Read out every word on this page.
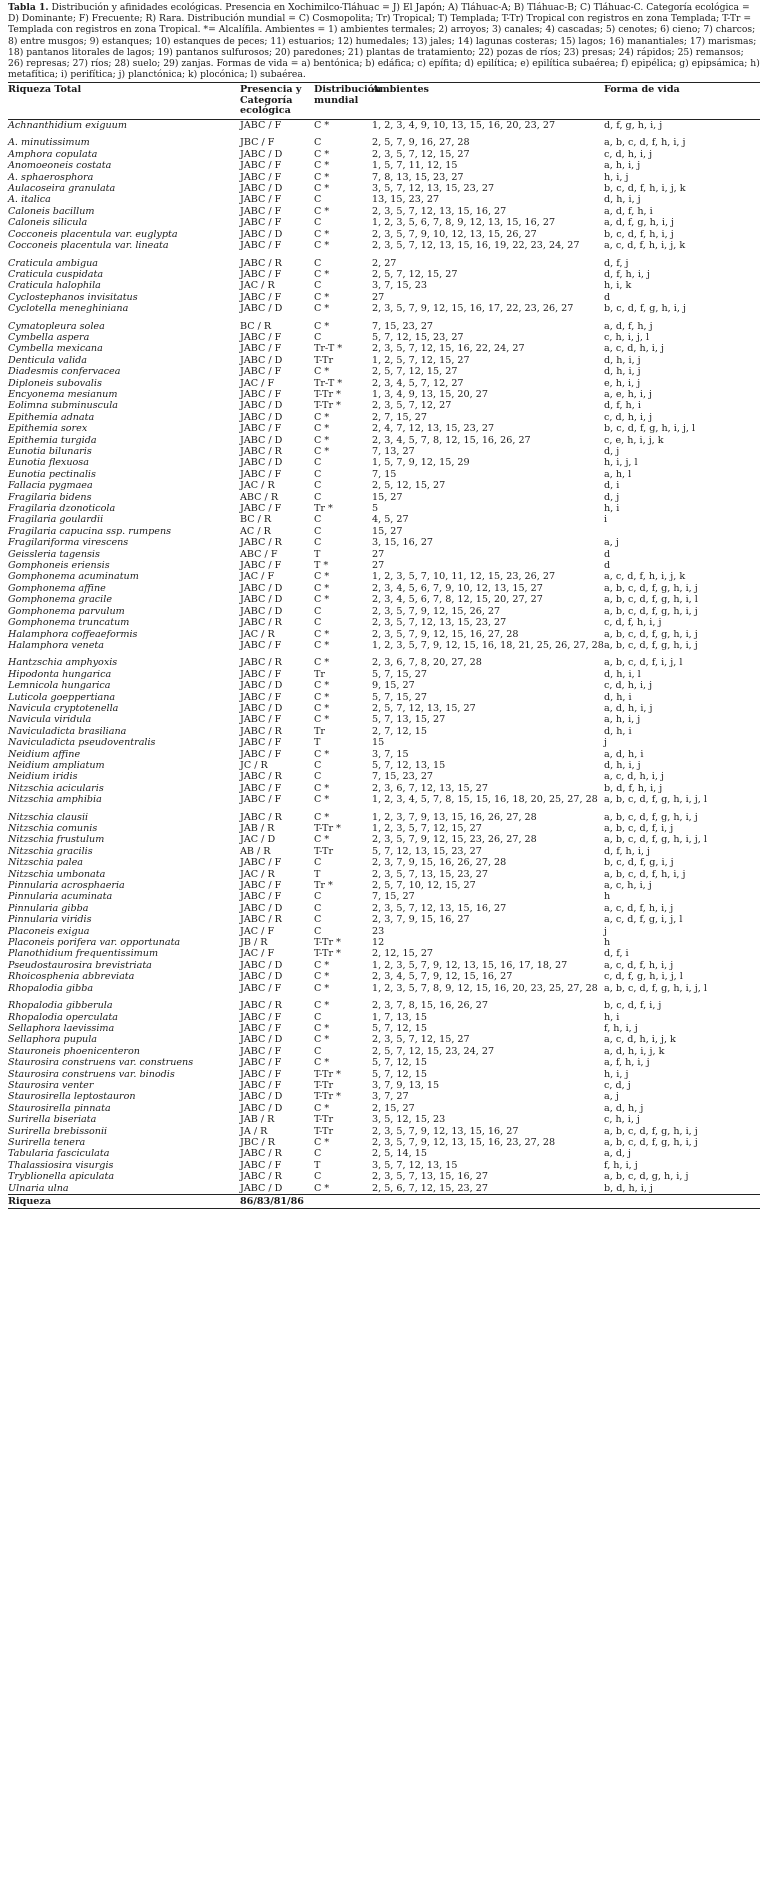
Tabla 1. Distribución y afinidades ecológicas. Presencia en Xochimilco-Tláhuac = J) El Japón; A) Tláhuac-A; B) Tláhuac-B; C) Tláhuac-C. Categoría ecológica = D) Dominante; F) Frecuente; R) Rara. Distribución mundial = C) Cosmopolita; Tr) Tropical; T) Templada; T-Tr) Tropical con registros en zona Templada; T-Tr = Templada con registros en zona Tropical. *= Alcalífila. Ambientes = 1) ambientes termales; 2) arroyos; 3) canales; 4) cascadas; 5) cenotes; 6) cieno; 7) charcos; 8) entre musgos; 9) estanques; 10) estanques de peces; 11) estuarios; 12) humedales; 13) jales; 14) lagunas costeras; 15) lagos; 16) manantiales; 17) marismas; 18) pantanos litorales de lagos; 19) pantanos sulfurosos; 20) paredones; 21) plantas de tratamiento; 22) pozas de ríos; 23) presas; 24) rápidos; 25) remansos; 26) represas; 27) ríos; 28) suelo; 29) zanjas. Formas de vida = a) bentónica; b) edáfica; c) epífita; d) epilítica; e) epilítica subaérea; f) epipélica; g) epipsámica; h) metafítica; i) perifítica; j) planctónica; k) plocónica; l) subaérea.

Riqueza Total	Presencia y Categoría ecológica	Distribución mundial	Ambientes	Forma de vida
Achnanthidium exiguum	JABC / F	C *	1, 2, 3, 4, 9, 10, 13, 15, 16, 20, 23, 27	d, f, g, h, i, j

A. minutissimum	JBC / F	C	2, 5, 7, 9, 16, 27, 28	a, b, c, d, f, h, i, j
Amphora copulata	JABC / D	C *	2, 3, 5, 7, 12, 15, 27	c, d, h, i, j
Anomoeoneis costata	JABC / F	C *	1, 5, 7, 11, 12, 15	a, h, i, j
A. sphaerosphora	JABC / F	C *	7, 8, 13, 15, 23, 27	h, i, j
Aulacoseira granulata	JABC / D	C *	3, 5, 7, 12, 13, 15, 23, 27	b, c, d, f, h, i, j, k
A. italica	JABC / F	C	13, 15, 23, 27	d, h, i, j
Caloneis bacillum	JABC / F	C *	2, 3, 5, 7, 12, 13, 15, 16, 27	a, d, f, h, i
Caloneis silicula	JABC / F	C	1, 2, 3, 5, 6, 7, 8, 9, 12, 13, 15, 16, 27	a, d, f, g, h, i, j
Cocconeis placentula var. euglypta	JABC / D	C *	2, 3, 5, 7, 9, 10, 12, 13, 15, 26, 27	b, c, d, f, h, i, j
Cocconeis placentula var. lineata	JABC / F	C *	2, 3, 5, 7, 12, 13, 15, 16, 19, 22, 23, 24, 27	a, c, d, f, h, i, j, k

Craticula ambigua	JABC / R	C	2, 27	d, f, j
Craticula cuspidata	JABC / F	C *	2, 5, 7, 12, 15, 27	d, f, h, i, j
Craticula halophila	JAC / R	C	3, 7, 15, 23	h, i, k
Cyclostephanos invisitatus	JABC / F	C *	27	d
Cyclotella meneghiniana	JABC / D	C *	2, 3, 5, 7, 9, 12, 15, 16, 17, 22, 23, 26, 27	b, c, d, f, g, h, i, j

Cymatopleura solea	BC / R	C *	7, 15, 23, 27	a, d, f, h, j
Cymbella aspera	JABC / F	C	5, 7, 12, 15, 23, 27	c, h, i, j, l
Cymbella mexicana	JABC / F	Tr-T *	2, 3, 5, 7, 12, 15, 16, 22, 24, 27	a, c, d, h, i, j
Denticula valida	JABC / D	T-Tr	1, 2, 5, 7, 12, 15, 27	d, h, i, j
Diadesmis confervacea	JABC / F	C *	2, 5, 7, 12, 15, 27	d, h, i, j
Diploneis subovalis	JAC / F	Tr-T *	2, 3, 4, 5, 7, 12, 27	e, h, i, j
Encyonema mesianum	JABC / F	T-Tr *	1, 3, 4, 9, 13, 15, 20, 27	a, e, h, i, j
Eolimna subminuscula	JABC / D	T-Tr *	2, 3, 5, 7, 12, 27	d, f, h, i
Epithemia adnata	JABC / D	C *	2, 7, 15, 27	c, d, h, i, j
Epithemia sorex	JABC / F	C *	2, 4, 7, 12, 13, 15, 23, 27	b, c, d, f, g, h, i, j, l
Epithemia turgida	JABC / D	C *	2, 3, 4, 5, 7, 8, 12, 15, 16, 26, 27	c, e, h, i, j, k
Eunotia bilunaris	JABC / R	C *	7, 13, 27	d, j
Eunotia flexuosa	JABC / D	C	1, 5, 7, 9, 12, 15, 29	h, i, j, l
Eunotia pectinalis	JABC / F	C	7, 15	a, h, l
Fallacia pygmaea	JAC / R	C	2, 5, 12, 15, 27	d, i
Fragilaria bidens	ABC / R	C	15, 27	d, j
Fragilaria dzonoticola	JABC / F	Tr *	5	h, i
Fragilaria goulardii	BC / R	C	4, 5, 27	i
Fragilaria capucina ssp. rumpens	AC / R	C	15, 27	
Fragilariforma virescens	JABC / R	C	3, 15, 16, 27	a, j
Geissleria tagensis	ABC / F	T	27	d
Gomphoneis eriensis	JABC / F	T *	27	d
Gomphonema acuminatum	JAC / F	C *	1, 2, 3, 5, 7, 10, 11, 12, 15, 23, 26, 27	a, c, d, f, h, i, j, k
Gomphonema affine	JABC / D	C *	2, 3, 4, 5, 6, 7, 9, 10, 12, 13, 15, 27	a, b, c, d, f, g, h, i, j
Gomphonema gracile	JABC / D	C *	2, 3, 4, 5, 6, 7, 8, 12, 15, 20, 27, 27	a, b, c, d, f, g, h, i, l
Gomphonema parvulum	JABC / D	C	2, 3, 5, 7, 9, 12, 15, 26, 27	a, b, c, d, f, g, h, i, j
Gomphonema truncatum	JABC / R	C	2, 3, 5, 7, 12, 13, 15, 23, 27	c, d, f, h, i, j
Halamphora coffeaeformis	JAC / R	C *	2, 3, 5, 7, 9, 12, 15, 16, 27, 28	a, b, c, d, f, g, h, i, j
Halamphora veneta	JABC / F	C *	1, 2, 3, 5, 7, 9, 12, 15, 16, 18, 21, 25, 26, 27, 28	a, b, c, d, f, g, h, i, j

Hantzschia amphyoxis	JABC / R	C *	2, 3, 6, 7, 8, 20, 27, 28	a, b, c, d, f, i, j, l
Hipodonta hungarica	JABC / F	Tr	5, 7, 15, 27	d, h, i, l
Lemnicola hungarica	JABC / D	C *	9, 15, 27	c, d, h, i, j
Luticola goeppertiana	JABC / F	C *	5, 7, 15, 27	d, h, i
Navicula cryptotenella	JABC / D	C *	2, 5, 7, 12, 13, 15, 27	a, d, h, i, j
Navicula viridula	JABC / F	C *	5, 7, 13, 15, 27	a, h, i, j
Naviculadicta brasiliana	JABC / R	Tr	2, 7, 12, 15	d, h, i
Naviculadicta pseudoventralis	JABC / F	T	15	j
Neidium affine	JABC / F	C *	3, 7, 15	a, d, h, i
Neidium ampliatum	JC / R	C	5, 7, 12, 13, 15	d, h, i, j
Neidium iridis	JABC / R	C	7, 15, 23, 27	a, c, d, h, i, j
Nitzschia acicularis	JABC / F	C *	2, 3, 6, 7, 12, 13, 15, 27	b, d, f, h, i, j
Nitzschia amphibia	JABC / F	C *	1, 2, 3, 4, 5, 7, 8, 15, 15, 16, 18, 20, 25, 27, 28	a, b, c, d, f, g, h, i, j, l

Nitzschia clausii	JABC / R	C *	1, 2, 3, 7, 9, 13, 15, 16, 26, 27, 28	a, b, c, d, f, g, h, i, j
Nitzschia comunis	JAB / R	T-Tr *	1, 2, 3, 5, 7, 12, 15, 27	a, b, c, d, f, i, j
Nitzschia frustulum	JAC / D	C *	2, 3, 5, 7, 9, 12, 15, 23, 26, 27, 28	a, b, c, d, f, g, h, i, j, l
Nitzschia gracilis	AB / R	T-Tr	5, 7, 12, 13, 15, 23, 27	d, f, h, i, j
Nitzschia palea	JABC / F	C	2, 3, 7, 9, 15, 16, 26, 27, 28	b, c, d, f, g, i, j
Nitzschia umbonata	JAC / R	T	2, 3, 5, 7, 13, 15, 23, 27	a, b, c, d, f, h, i, j
Pinnularia acrosphaeria	JABC / F	Tr *	2, 5, 7, 10, 12, 15, 27	a, c, h, i, j
Pinnularia acuminata	JABC / F	C	7, 15, 27	h
Pinnularia gibba	JABC / D	C	2, 3, 5, 7, 12, 13, 15, 16, 27	a, c, d, f, h, i, j
Pinnularia viridis	JABC / R	C	2, 3, 7, 9, 15, 16, 27	a, c, d, f, g, i, j, l
Placoneis exigua	JAC / F	C	23	j
Placoneis porifera var. opportunata	JB / R	T-Tr *	12	h
Planothidium frequentissimum	JAC / F	T-Tr *	2, 12, 15, 27	d, f, i
Pseudostaurosira brevistriata	JABC / D	C *	1, 2, 3, 5, 7, 9, 12, 13, 15, 16, 17, 18, 27	a, c, d, f, h, i, j
Rhoicosphenia abbreviata	JABC / D	C *	2, 3, 4, 5, 7, 9, 12, 15, 16, 27	c, d, f, g, h, i, j, l
Rhopalodia gibba	JABC / F	C *	1, 2, 3, 5, 7, 8, 9, 12, 15, 16, 20, 23, 25, 27, 28	a, b, c, d, f, g, h, i, j, l

Rhopalodia gibberula	JABC / R	C *	2, 3, 7, 8, 15, 16, 26, 27	b, c, d, f, i, j
Rhopalodia operculata	JABC / F	C	1, 7, 13, 15	h, i
Sellaphora laevissima	JABC / F	C *	5, 7, 12, 15	f, h, i, j
Sellaphora pupula	JABC / D	C *	2, 3, 5, 7, 12, 15, 27	a, c, d, h, i, j, k
Stauroneis phoenicenteron	JABC / F	C	2, 5, 7, 12, 15, 23, 24, 27	a, d, h, i, j, k
Staurosira construens var. construens	JABC / F	C *	5, 7, 12, 15	a, f, h, i, j
Staurosira construens var. binodis	JABC / F	T-Tr *	5, 7, 12, 15	h, i, j
Staurosira venter	JABC / F	T-Tr	3, 7, 9, 13, 15	c, d, j
Staurosirella leptostauron	JABC / D	T-Tr *	3, 7, 27	a, j
Staurosirella pinnata	JABC / D	C *	2, 15, 27	a, d, h, j
Surirella biseriata	JAB / R	T-Tr	3, 5, 12, 15, 23	c, h, i, j
Surirella brebissonii	JA / R	T-Tr	2, 3, 5, 7, 9, 12, 13, 15, 16, 27	a, b, c, d, f, g, h, i, j
Surirella tenera	JBC / R	C *	2, 3, 5, 7, 9, 12, 13, 15, 16, 23, 27, 28	a, b, c, d, f, g, h, i, j
Tabularia fasciculata	JABC / R	C	2, 5, 14, 15	a, d, j
Thalassiosira visurgis	JABC / F	T	3, 5, 7, 12, 13, 15	f, h, i, j
Tryblionella apiculata	JABC / R	C	2, 3, 5, 7, 13, 15, 16, 27	a, b, c, d, g, h, i, j
Ulnaria ulna	JABC / D	C *	2, 5, 6, 7, 12, 15, 23, 27	b, d, h, i, j
Riqueza	86/83/81/86			
